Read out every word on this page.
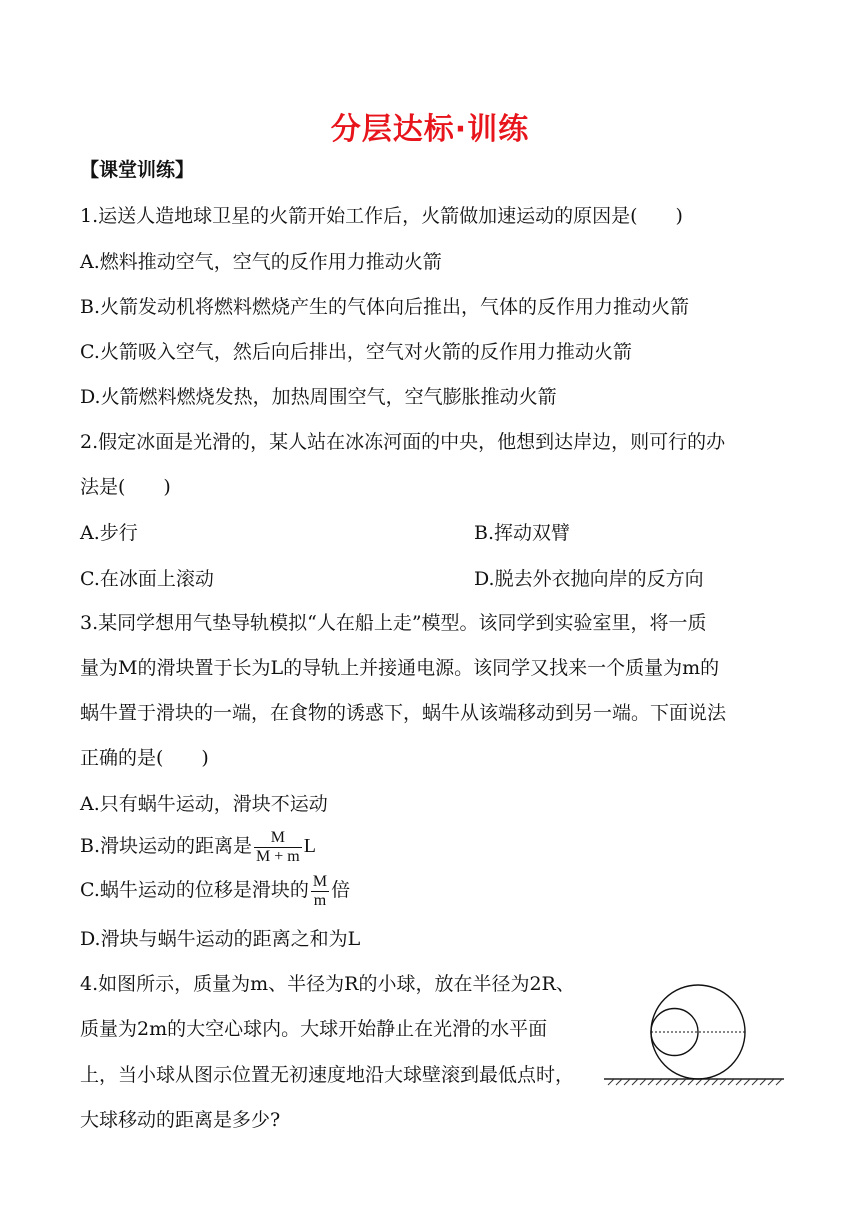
分层达标·训练
【课堂训练】
1.运送人造地球卫星的火箭开始工作后，火箭做加速运动的原因是(　　)
A.燃料推动空气，空气的反作用力推动火箭
B.火箭发动机将燃料燃烧产生的气体向后推出，气体的反作用力推动火箭
C.火箭吸入空气，然后向后排出，空气对火箭的反作用力推动火箭
D.火箭燃料燃烧发热，加热周围空气，空气膨胀推动火箭
2.假定冰面是光滑的，某人站在冰冻河面的中央，他想到达岸边，则可行的办
法是(　　)
A.步行	B.挥动双臂
C.在冰面上滚动	D.脱去外衣抛向岸的反方向
3.某同学想用气垫导轨模拟“人在船上走”模型。该同学到实验室里，将一质
量为M的滑块置于长为L的导轨上并接通电源。该同学又找来一个质量为m的
蜗牛置于滑块的一端，在食物的诱惑下，蜗牛从该端移动到另一端。下面说法
正确的是(　　)
A.只有蜗牛运动，滑块不运动
B.滑块运动的距离是 $\frac{M}{M + m}$ L
C.蜗牛运动的位移是滑块的 $\frac{M}{m}$ 倍
D.滑块与蜗牛运动的距离之和为L
4.如图所示，质量为m、半径为R的小球，放在半径为2R、
质量为2m的大空心球内。大球开始静止在光滑的水平面
上，当小球从图示位置无初速度地沿大球壁滚到最低点时，
大球移动的距离是多少?
